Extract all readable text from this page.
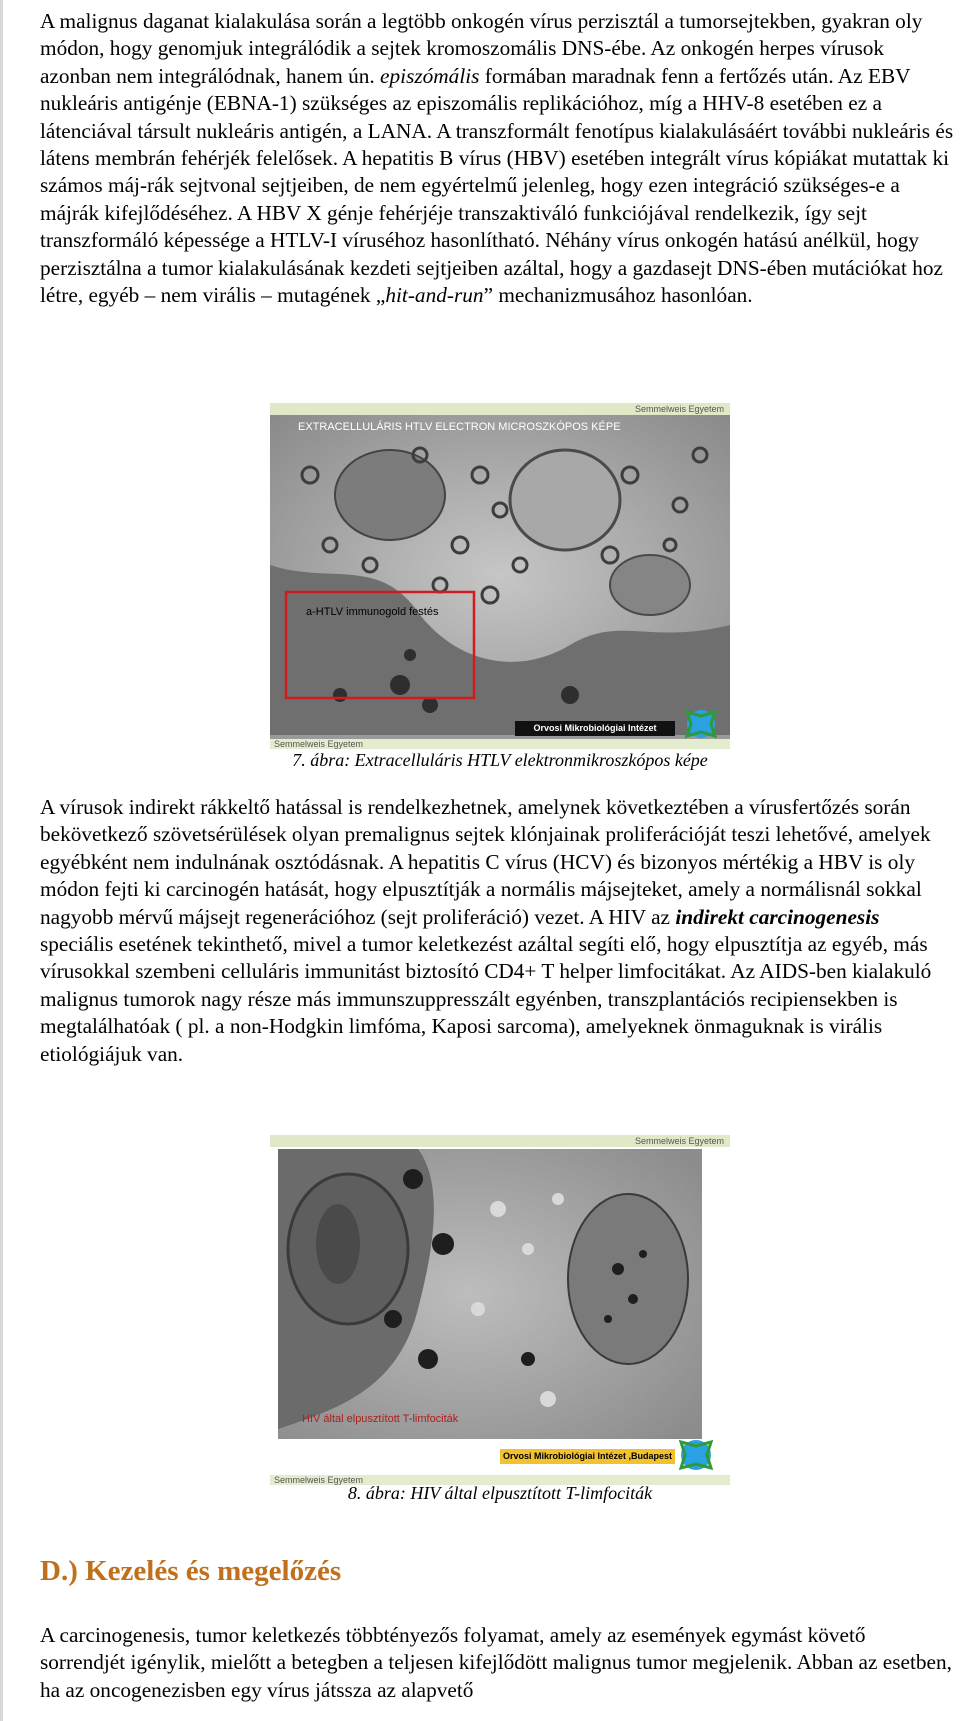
A malignus daganat kialakulása során a legtöbb onkogén vírus perzisztál a tumorsejtekben, gyakran oly módon, hogy genomjuk integrálódik a sejtek kromoszomális DNS-ébe. Az onkogén herpes vírusok azonban nem integrálódnak, hanem ún. episzómális formában maradnak fenn a fertőzés után. Az EBV nukleáris antigénje (EBNA-1) szükséges az episzomális replikációhoz, míg a HHV-8 esetében ez a látenciával társult nukleáris antigén, a LANA. A transzformált fenotípus kialakulásáért további nukleáris és látens membrán fehérjék felelősek. A hepatitis B vírus (HBV) esetében integrált vírus kópiákat mutattak ki számos máj-rák sejtvonal sejtjeiben, de nem egyértelmű jelenleg, hogy ezen integráció szükséges-e a májrák kifejlődéséhez. A HBV X génje fehérjéje transzaktiváló funkciójával rendelkezik, így sejt transzformáló képessége a HTLV-I víruséhoz hasonlítható. Néhány vírus onkogén hatású anélkül, hogy perzisztálna a tumor kialakulásának kezdeti sejtjeiben azáltal, hogy a gazdasejt DNS-ében mutációkat hoz létre, egyéb – nem virális – mutagének „hit-and-run” mechanizmusához hasonlóan.

Semmelweis Egyetem
EXTRACELLULÁRIS HTLV ELECTRON MICROSZKÓPOS KÉPE
a-HTLV immunogold festés
Orvosi Mikrobiológiai Intézet
Semmelweis Egyetem

7. ábra: Extracelluláris HTLV elektronmikroszkópos képe

A vírusok indirekt rákkeltő hatással is rendelkezhetnek, amelynek következtében a vírusfertőzés során bekövetkező szövetsérülések olyan premalignus sejtek klónjainak proliferációját teszi lehetővé, amelyek egyébként nem indulnának osztódásnak. A hepatitis C vírus (HCV) és bizonyos mértékig a HBV is oly módon fejti ki carcinogén hatását, hogy elpusztítják a normális májsejteket, amely a normálisnál sokkal nagyobb mérvű májsejt regenerációhoz (sejt proliferáció) vezet. A HIV az indirekt carcinogenesis speciális esetének tekinthető, mivel a tumor keletkezést azáltal segíti elő, hogy elpusztítja az egyéb, más vírusokkal szembeni celluláris immunitást biztosító CD4+ T helper limfocitákat. Az AIDS-ben kialakuló malignus tumorok nagy része más immunszuppresszált egyénben, transzplantációs recipiensekben is megtalálhatóak ( pl. a non-Hodgkin limfóma, Kaposi sarcoma), amelyeknek önmaguknak is virális etiológiájuk van.

Semmelweis Egyetem
HIV által elpusztított T-limfociták
Orvosi Mikrobiológiai Intézet ,Budapest
Semmelweis Egyetem

8. ábra: HIV által elpusztított T-limfociták

D.) Kezelés és megelőzés

A carcinogenesis, tumor keletkezés többtényezős folyamat, amely az események egymást követő sorrendjét igénylik, mielőtt a betegben a teljesen kifejlődött malignus tumor megjelenik. Abban az esetben, ha az oncogenezisben egy vírus játssza az alapvető
